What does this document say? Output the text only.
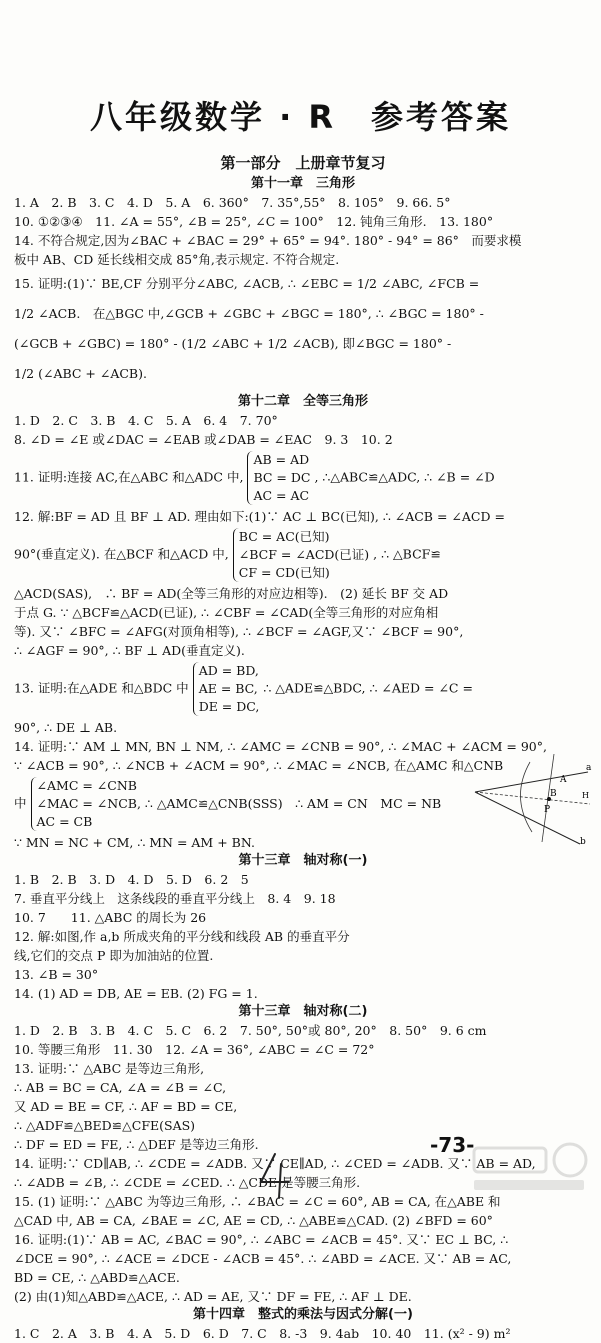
八年级数学 · R　参考答案
第一部分　上册章节复习
第十一章　三角形
1. A　2. B　3. C　4. D　5. A　6. 360°　7. 35°,55°　8. 105°　9. 66. 5°
10. ①②③④　11. ∠A = 55°, ∠B = 25°, ∠C = 100°　12. 钝角三角形.　13. 180°
14. 不符合规定,因为∠BAC + ∠BAC = 29° + 65° = 94°. 180° - 94° = 86°　而要求模
板中 AB、CD 延长线相交成 85°角,表示规定. 不符合规定.
15. 证明:(1)∵ BE,CF 分别平分∠ABC, ∠ACB, ∴ ∠EBC = 1/2 ∠ABC, ∠FCB =
1/2 ∠ACB.　在△BGC 中,∠GCB + ∠GBC + ∠BGC = 180°, ∴ ∠BGC = 180° -
(∠GCB + ∠GBC) = 180° - (1/2 ∠ABC + 1/2 ∠ACB), 即∠BGC = 180° -
1/2 (∠ABC + ∠ACB).
第十二章　全等三角形
1. D　2. C　3. B　4. C　5. A　6. 4　7. 70°
8. ∠D = ∠E 或∠DAC = ∠EAB 或∠DAB = ∠EAC　9. 3　10. 2
11. 证明:连接 AC,在△ABC 和△ADC 中,
AB = AD
BC = DC
AC = AC
, ∴△ABC≌△ADC, ∴ ∠B = ∠D
12. 解:BF = AD 且 BF ⊥ AD. 理由如下:(1)∵ AC ⊥ BC(已知), ∴ ∠ACB = ∠ACD =
90°(垂直定义). 在△BCF 和△ACD 中,
BC = AC(已知)
∠BCF = ∠ACD(已证)
CF = CD(已知)
, ∴ △BCF≌
△ACD(SAS),　∴ BF = AD(全等三角形的对应边相等).　(2) 延长 BF 交 AD
于点 G. ∵ △BCF≌△ACD(已证), ∴ ∠CBF = ∠CAD(全等三角形的对应角相
等). 又∵ ∠BFC = ∠AFG(对顶角相等), ∴ ∠BCF = ∠AGF,又∵ ∠BCF = 90°,
∴ ∠AGF = 90°, ∴ BF ⊥ AD(垂直定义).
13. 证明:在△ADE 和△BDC 中
AD = BD,
AE = BC,
DE = DC,
∴ △ADE≌△BDC, ∴ ∠AED = ∠C =
90°, ∴ DE ⊥ AB.
14. 证明:∵ AM ⊥ MN, BN ⊥ NM, ∴ ∠AMC = ∠CNB = 90°, ∴ ∠MAC + ∠ACM = 90°,
∵ ∠ACB = 90°, ∴ ∠NCB + ∠ACM = 90°, ∴ ∠MAC = ∠NCB, 在△AMC 和△CNB
中
∠AMC = ∠CNB
∠MAC = ∠NCB, ∴ △AMC≌△CNB(SSS)　∴ AM = CN　MC = NB
AC = CB
∵ MN = NC + CM, ∴ MN = AM + BN.
第十三章　轴对称(一)
1. B　2. B　3. D　4. D　5. D　6. 2　5
7. 垂直平分线上　这条线段的垂直平分线上　8. 4　9. 18
10. 7　　11. △ABC 的周长为 26
12. 解:如图,作 a,b 所成夹角的平分线和线段 AB 的垂直平分
线,它们的交点 P 即为加油站的位置.
13. ∠B = 30°
14. (1) AD = DB, AE = EB. (2) FG = 1.
第十三章　轴对称(二)
1. D　2. B　3. B　4. C　5. C　6. 2　7. 50°, 50°或 80°, 20°　8. 50°　9. 6 cm
10. 等腰三角形　11. 30　12. ∠A = 36°, ∠ABC = ∠C = 72°
13. 证明:∵ △ABC 是等边三角形,
∴ AB = BC = CA, ∠A = ∠B = ∠C,
又 AD = BE = CF, ∴ AF = BD = CE,
∴ △ADF≌△BED≌△CFE(SAS)
∴ DF = ED = FE, ∴ △DEF 是等边三角形.
14. 证明:∵ CD∥AB, ∴ ∠CDE = ∠ADB. 又∵ CE∥AD, ∴ ∠CED = ∠ADB. 又∵ AB = AD,
∴ ∠ADB = ∠B, ∴ ∠CDE = ∠CED. ∴ △CDE 是等腰三角形.
15. (1) 证明:∵ △ABC 为等边三角形, ∴ ∠BAC = ∠C = 60°, AB = CA, 在△ABE 和
△CAD 中, AB = CA, ∠BAE = ∠C, AE = CD, ∴ △ABE≌△CAD. (2) ∠BFD = 60°
16. 证明:(1)∵ AB = AC, ∠BAC = 90°, ∴ ∠ABC = ∠ACB = 45°. 又∵ EC ⊥ BC, ∴
∠DCE = 90°, ∴ ∠ACE = ∠DCE - ∠ACB = 45°. ∴ ∠ABD = ∠ACE. 又∵ AB = AC,
BD = CE, ∴ △ABD≌△ACE.
(2) 由(1)知△ABD≌△ACE, ∴ AD = AE, 又∵ DF = FE, ∴ AF ⊥ DE.
第十四章　整式的乘法与因式分解(一)
1. C　2. A　3. B　4. A　5. D　6. D　7. C　8. -3　9. 4ab　10. 40　11. (x² - 9) m²
P
A
B	H
a
b
-73-
